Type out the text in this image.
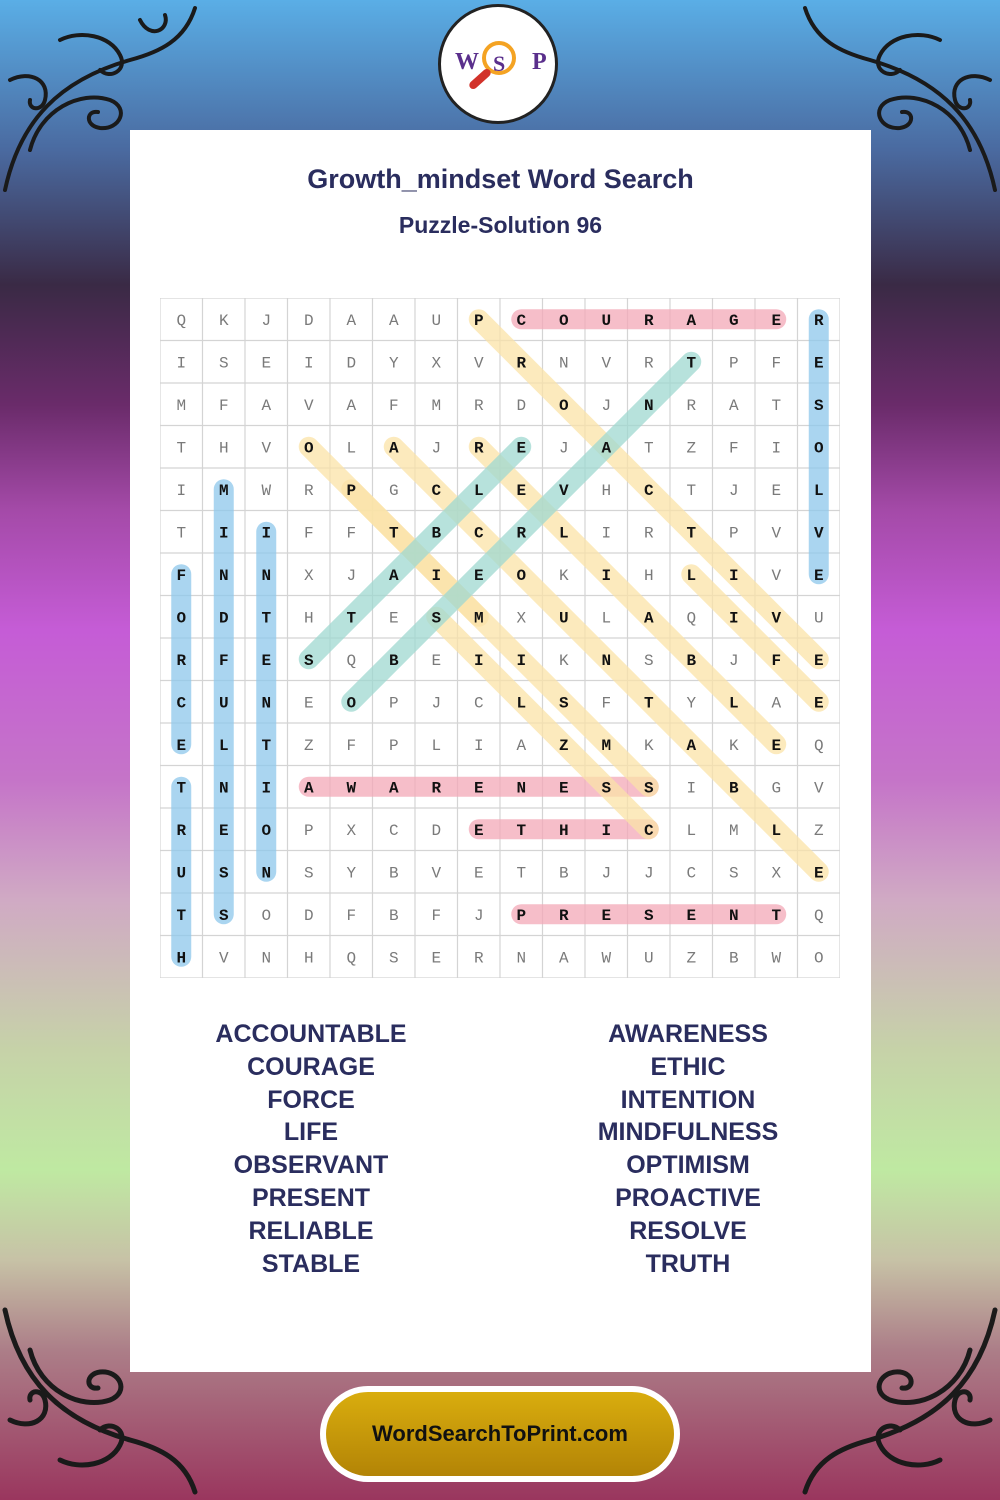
W S P
Growth_mindset Word Search
Puzzle-Solution 96
Q K J D A A U P C O U R A G E R
I S E I D Y X V R N V R T P F E
M F A V A F M R D O J N R A T S
T H V O L A J R E J A T Z F I O
I M W R P G C L E V H C T J E L
T I I F F T B C R L I R T P V V
F N N X J A I E O K I H L I V E
O D T H T E S M X U L A Q I V U
R F E S Q B E I I K N S B J F E
C U N E O P J C L S F T Y L A E
E L T Z F P L I A Z M K A K E Q
T N I A W A R E N E S S I B G V
R E O P X C D E T H I C L M L Z
U S N S Y B V E T B J J C S X E
T S O D F B F J P R E S E N T Q
H V N H Q S E R N A W U Z B W O
ACCOUNTABLE
COURAGE
FORCE
LIFE
OBSERVANT
PRESENT
RELIABLE
STABLE
AWARENESS
ETHIC
INTENTION
MINDFULNESS
OPTIMISM
PROACTIVE
RESOLVE
TRUTH
WordSearchToPrint.com
